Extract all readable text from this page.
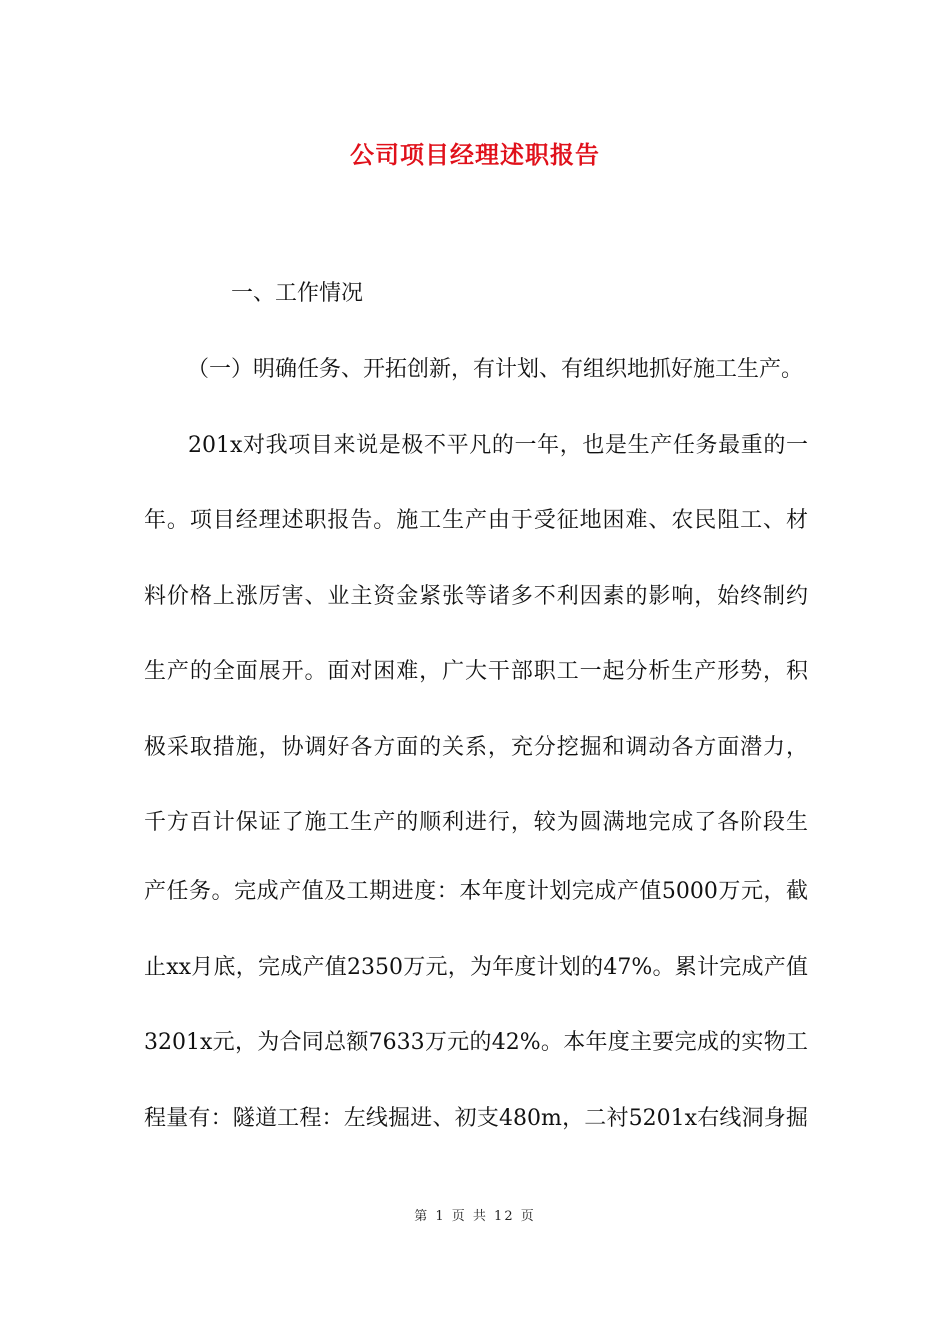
公司项目经理述职报告
一、工作情况
（一）明确任务、开拓创新，有计划、有组织地抓好施工生产。
201x对我项目来说是极不平凡的一年，也是生产任务最重的一
年。项目经理述职报告。施工生产由于受征地困难、农民阻工、材
料价格上涨厉害、业主资金紧张等诸多不利因素的影响，始终制约
生产的全面展开。面对困难，广大干部职工一起分析生产形势，积
极采取措施，协调好各方面的关系，充分挖掘和调动各方面潜力，
千方百计保证了施工生产的顺利进行，较为圆满地完成了各阶段生
产任务。完成产值及工期进度：本年度计划完成产值5000万元，截
止xx月底，完成产值2350万元，为年度计划的47%。累计完成产值
3201x元，为合同总额7633万元的42%。本年度主要完成的实物工
程量有：隧道工程：左线掘进、初支480m，二衬5201x右线洞身掘
第 1 页 共 12 页
